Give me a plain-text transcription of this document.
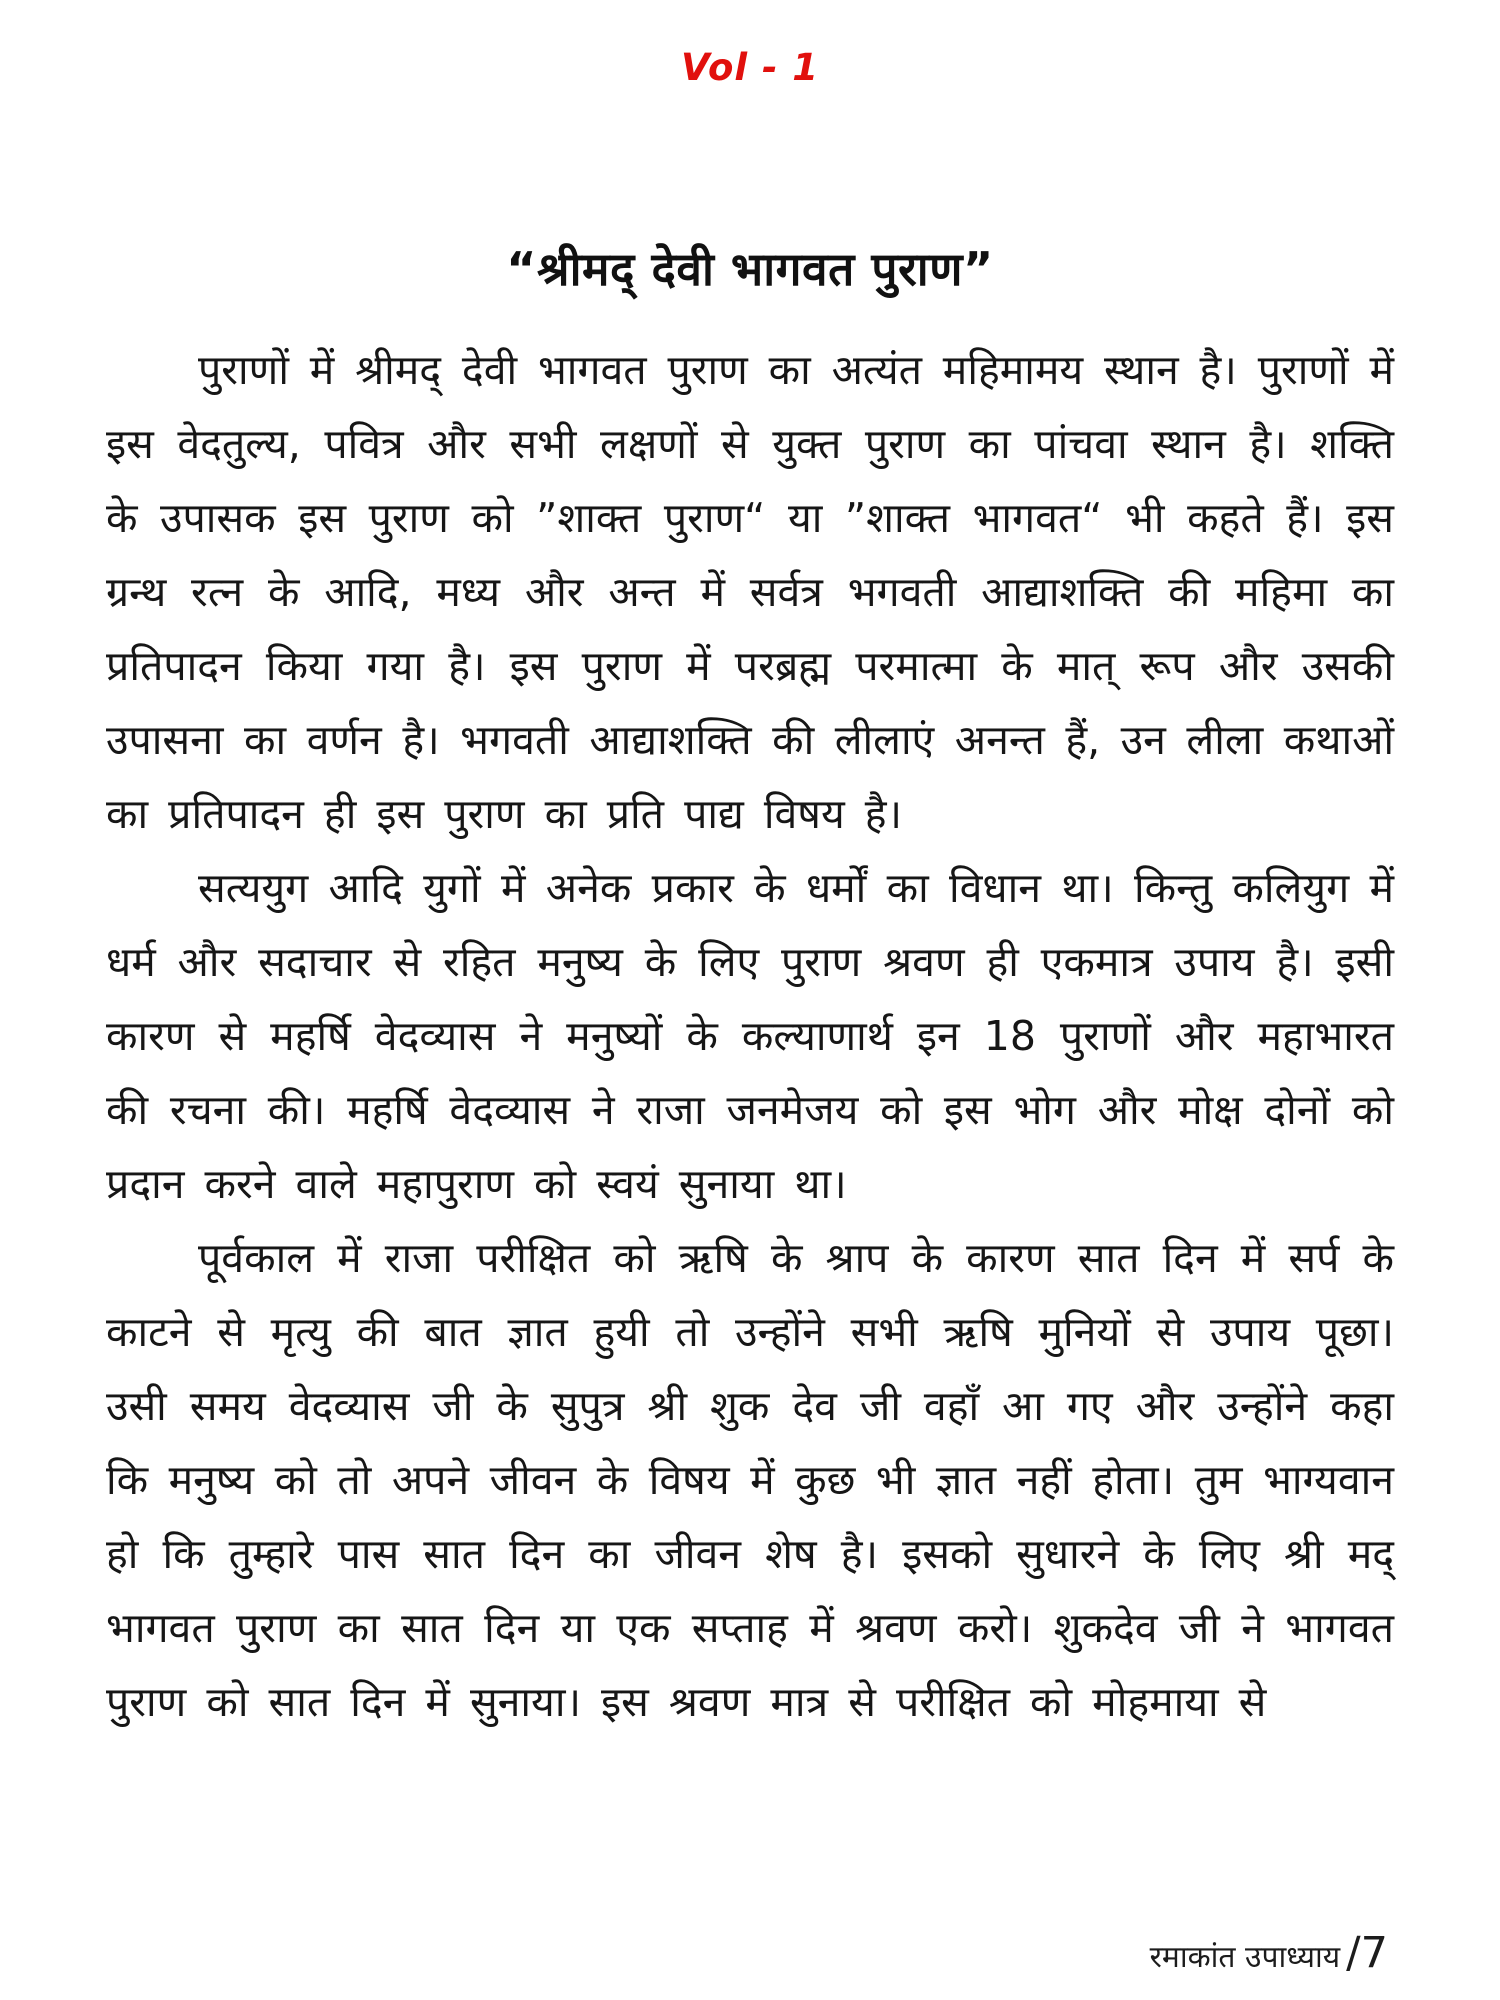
Vol - 1
“श्रीमद् देवी भागवत पुराण”

पुराणों में श्रीमद् देवी भागवत पुराण का अत्यंत महिमामय स्थान है। पुराणों में इस वेदतुल्य, पवित्र और सभी लक्षणों से युक्त पुराण का पांचवा स्थान है। शक्ति के उपासक इस पुराण को ”शाक्त पुराण“ या ”शाक्त भागवत“ भी कहते हैं। इस ग्रन्थ रत्न के आदि, मध्य और अन्त में सर्वत्र भगवती आद्याशक्ति की महिमा का प्रतिपादन किया गया है। इस पुराण में परब्रह्म परमात्मा के मात् रूप और उसकी उपासना का वर्णन है। भगवती आद्याशक्ति की लीलाएं अनन्त हैं, उन लीला कथाओं का प्रतिपादन ही इस पुराण का प्रति पाद्य विषय है।

सत्ययुग आदि युगों में अनेक प्रकार के धर्मों का विधान था। किन्तु कलियुग में धर्म और सदाचार से रहित मनुष्य के लिए पुराण श्रवण ही एकमात्र उपाय है। इसी कारण से महर्षि वेदव्यास ने मनुष्यों के कल्याणार्थ इन 18 पुराणों और महाभारत की रचना की। महर्षि वेदव्यास ने राजा जनमेजय को इस भोग और मोक्ष दोनों को प्रदान करने वाले महापुराण को स्वयं सुनाया था।

पूर्वकाल में राजा परीक्षित को ऋषि के श्राप के कारण सात दिन में सर्प के काटने से मृत्यु की बात ज्ञात हुयी तो उन्होंने सभी ऋषि मुनियों से उपाय पूछा। उसी समय वेदव्यास जी के सुपुत्र श्री शुक देव जी वहाँ आ गए और उन्होंने कहा कि मनुष्य को तो अपने जीवन के विषय में कुछ भी ज्ञात नहीं होता। तुम भाग्यवान हो कि तुम्हारे पास सात दिन का जीवन शेष है। इसको सुधारने के लिए श्री मद् भागवत पुराण का सात दिन या एक सप्ताह में श्रवण करो। शुकदेव जी ने भागवत पुराण को सात दिन में सुनाया। इस श्रवण मात्र से परीक्षित को मोहमाया से

रमाकांत उपाध्याय /7
